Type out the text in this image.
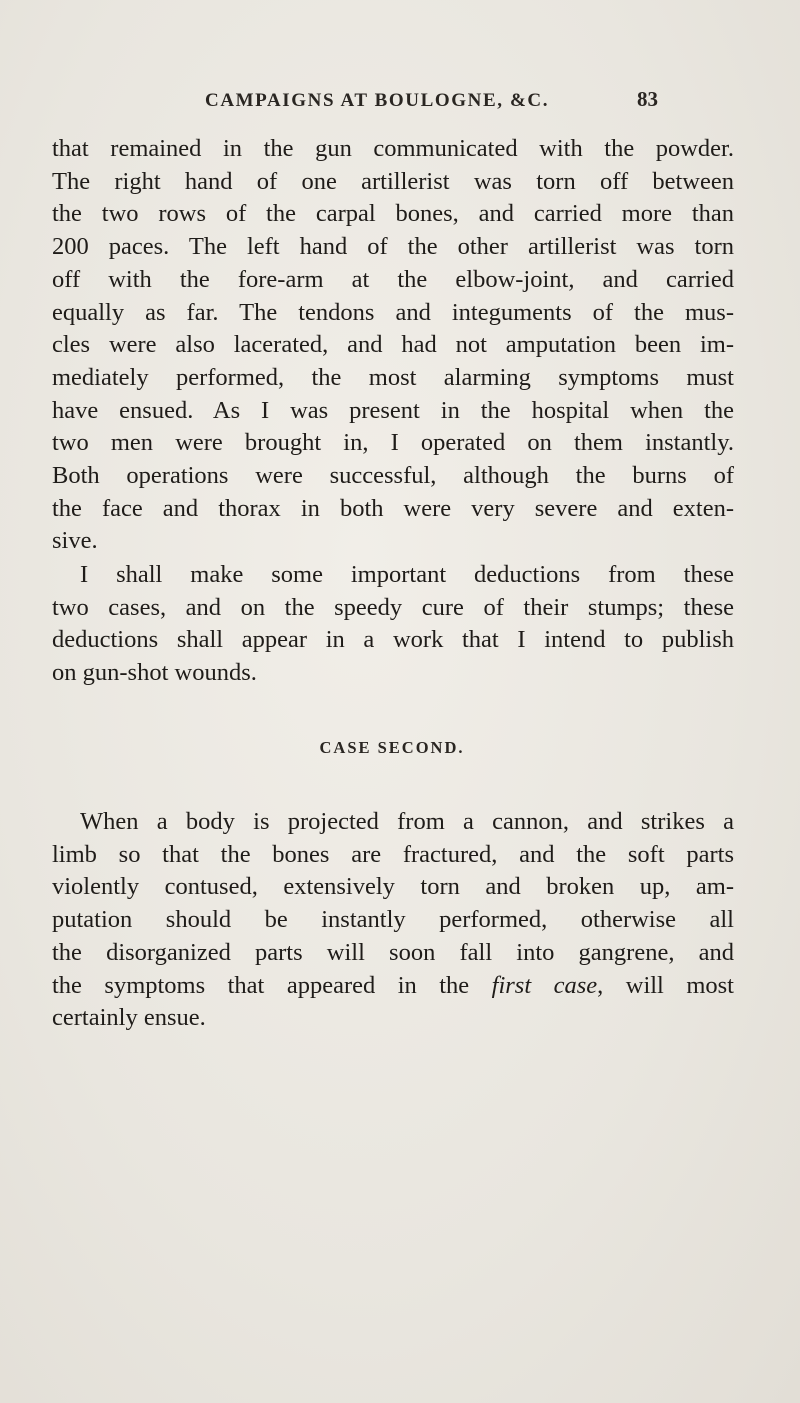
CAMPAIGNS AT BOULOGNE, &C.	83
that remained in the gun communicated with the powder.
The right hand of one artillerist was torn off between
the two rows of the carpal bones, and carried more than
200 paces. The left hand of the other artillerist was torn
off with the fore-arm at the elbow-joint, and carried
equally as far. The tendons and integuments of the mus-
cles were also lacerated, and had not amputation been im-
mediately performed, the most alarming symptoms must
have ensued. As I was present in the hospital when the
two men were brought in, I operated on them instantly.
Both operations were successful, although the burns of
the face and thorax in both were very severe and exten-
sive.
I shall make some important deductions from these
two cases, and on the speedy cure of their stumps; these
deductions shall appear in a work that I intend to publish
on gun-shot wounds.
CASE SECOND.
When a body is projected from a cannon, and strikes a
limb so that the bones are fractured, and the soft parts
violently contused, extensively torn and broken up, am-
putation should be instantly performed, otherwise all
the disorganized parts will soon fall into gangrene, and
the symptoms that appeared in the first case, will most
certainly ensue.
